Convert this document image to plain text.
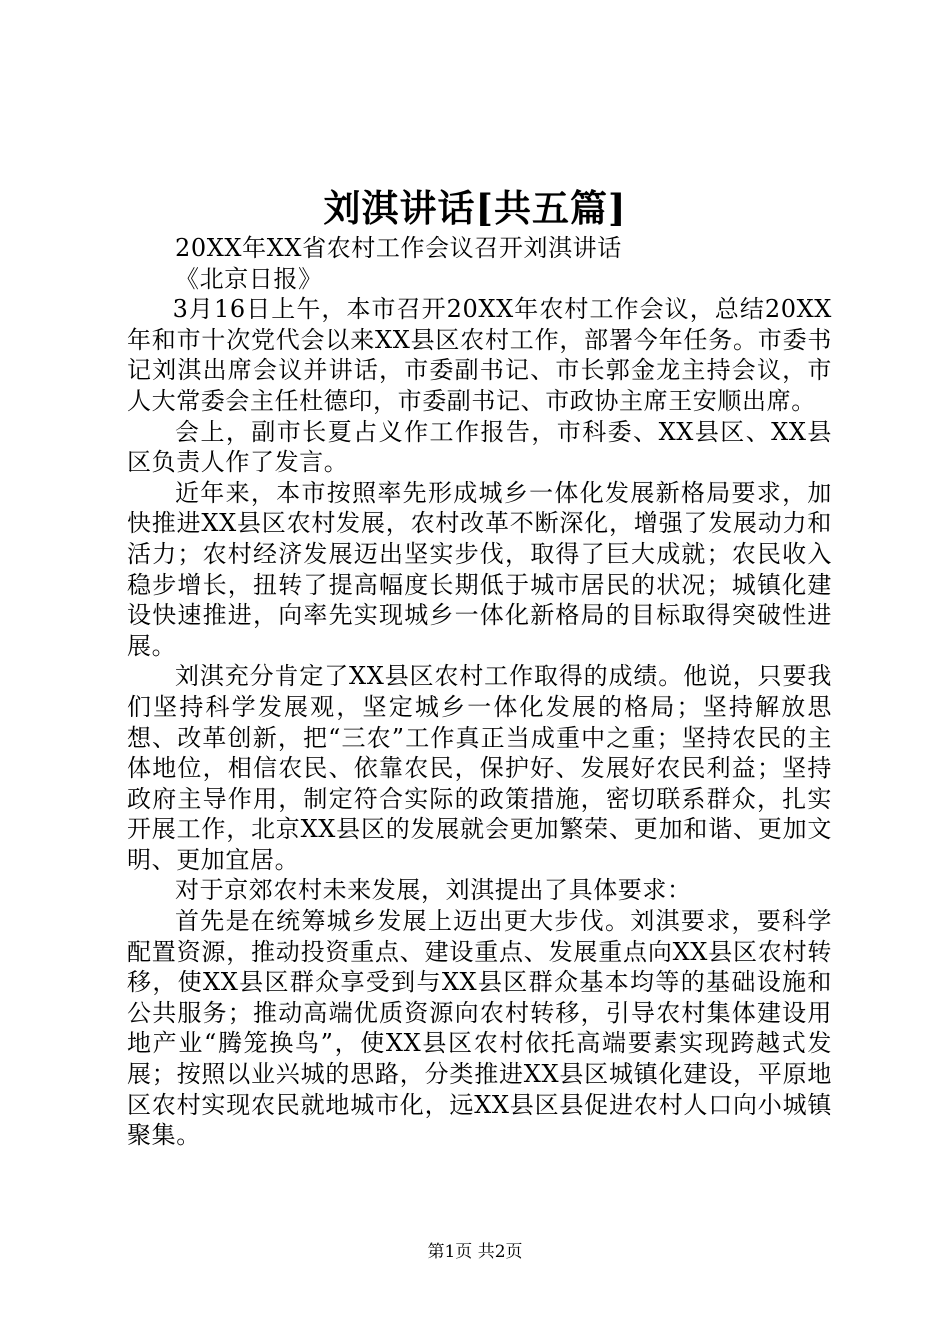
刘淇讲话[共五篇]

20XX年XX省农村工作会议召开刘淇讲话

《北京日报》

3月16日上午，本市召开20XX年农村工作会议，总结20XX年和市十次党代会以来XX县区农村工作，部署今年任务。市委书记刘淇出席会议并讲话，市委副书记、市长郭金龙主持会议，市人大常委会主任杜德印，市委副书记、市政协主席王安顺出席。

会上，副市长夏占义作工作报告，市科委、XX县区、XX县区负责人作了发言。

近年来，本市按照率先形成城乡一体化发展新格局要求，加快推进XX县区农村发展，农村改革不断深化，增强了发展动力和活力；农村经济发展迈出坚实步伐，取得了巨大成就；农民收入稳步增长，扭转了提高幅度长期低于城市居民的状况；城镇化建设快速推进，向率先实现城乡一体化新格局的目标取得突破性进展。

刘淇充分肯定了XX县区农村工作取得的成绩。他说，只要我们坚持科学发展观，坚定城乡一体化发展的格局；坚持解放思想、改革创新，把“三农”工作真正当成重中之重；坚持农民的主体地位，相信农民、依靠农民，保护好、发展好农民利益；坚持政府主导作用，制定符合实际的政策措施，密切联系群众，扎实开展工作，北京XX县区的发展就会更加繁荣、更加和谐、更加文明、更加宜居。

对于京郊农村未来发展，刘淇提出了具体要求：

首先是在统筹城乡发展上迈出更大步伐。刘淇要求，要科学配置资源，推动投资重点、建设重点、发展重点向XX县区农村转移，使XX县区群众享受到与XX县区群众基本均等的基础设施和公共服务；推动高端优质资源向农村转移，引导农村集体建设用地产业“腾笼换鸟”，使XX县区农村依托高端要素实现跨越式发展；按照以业兴城的思路，分类推进XX县区城镇化建设，平原地区农村实现农民就地城市化，远XX县区县促进农村人口向小城镇聚集。

第1页 共2页
